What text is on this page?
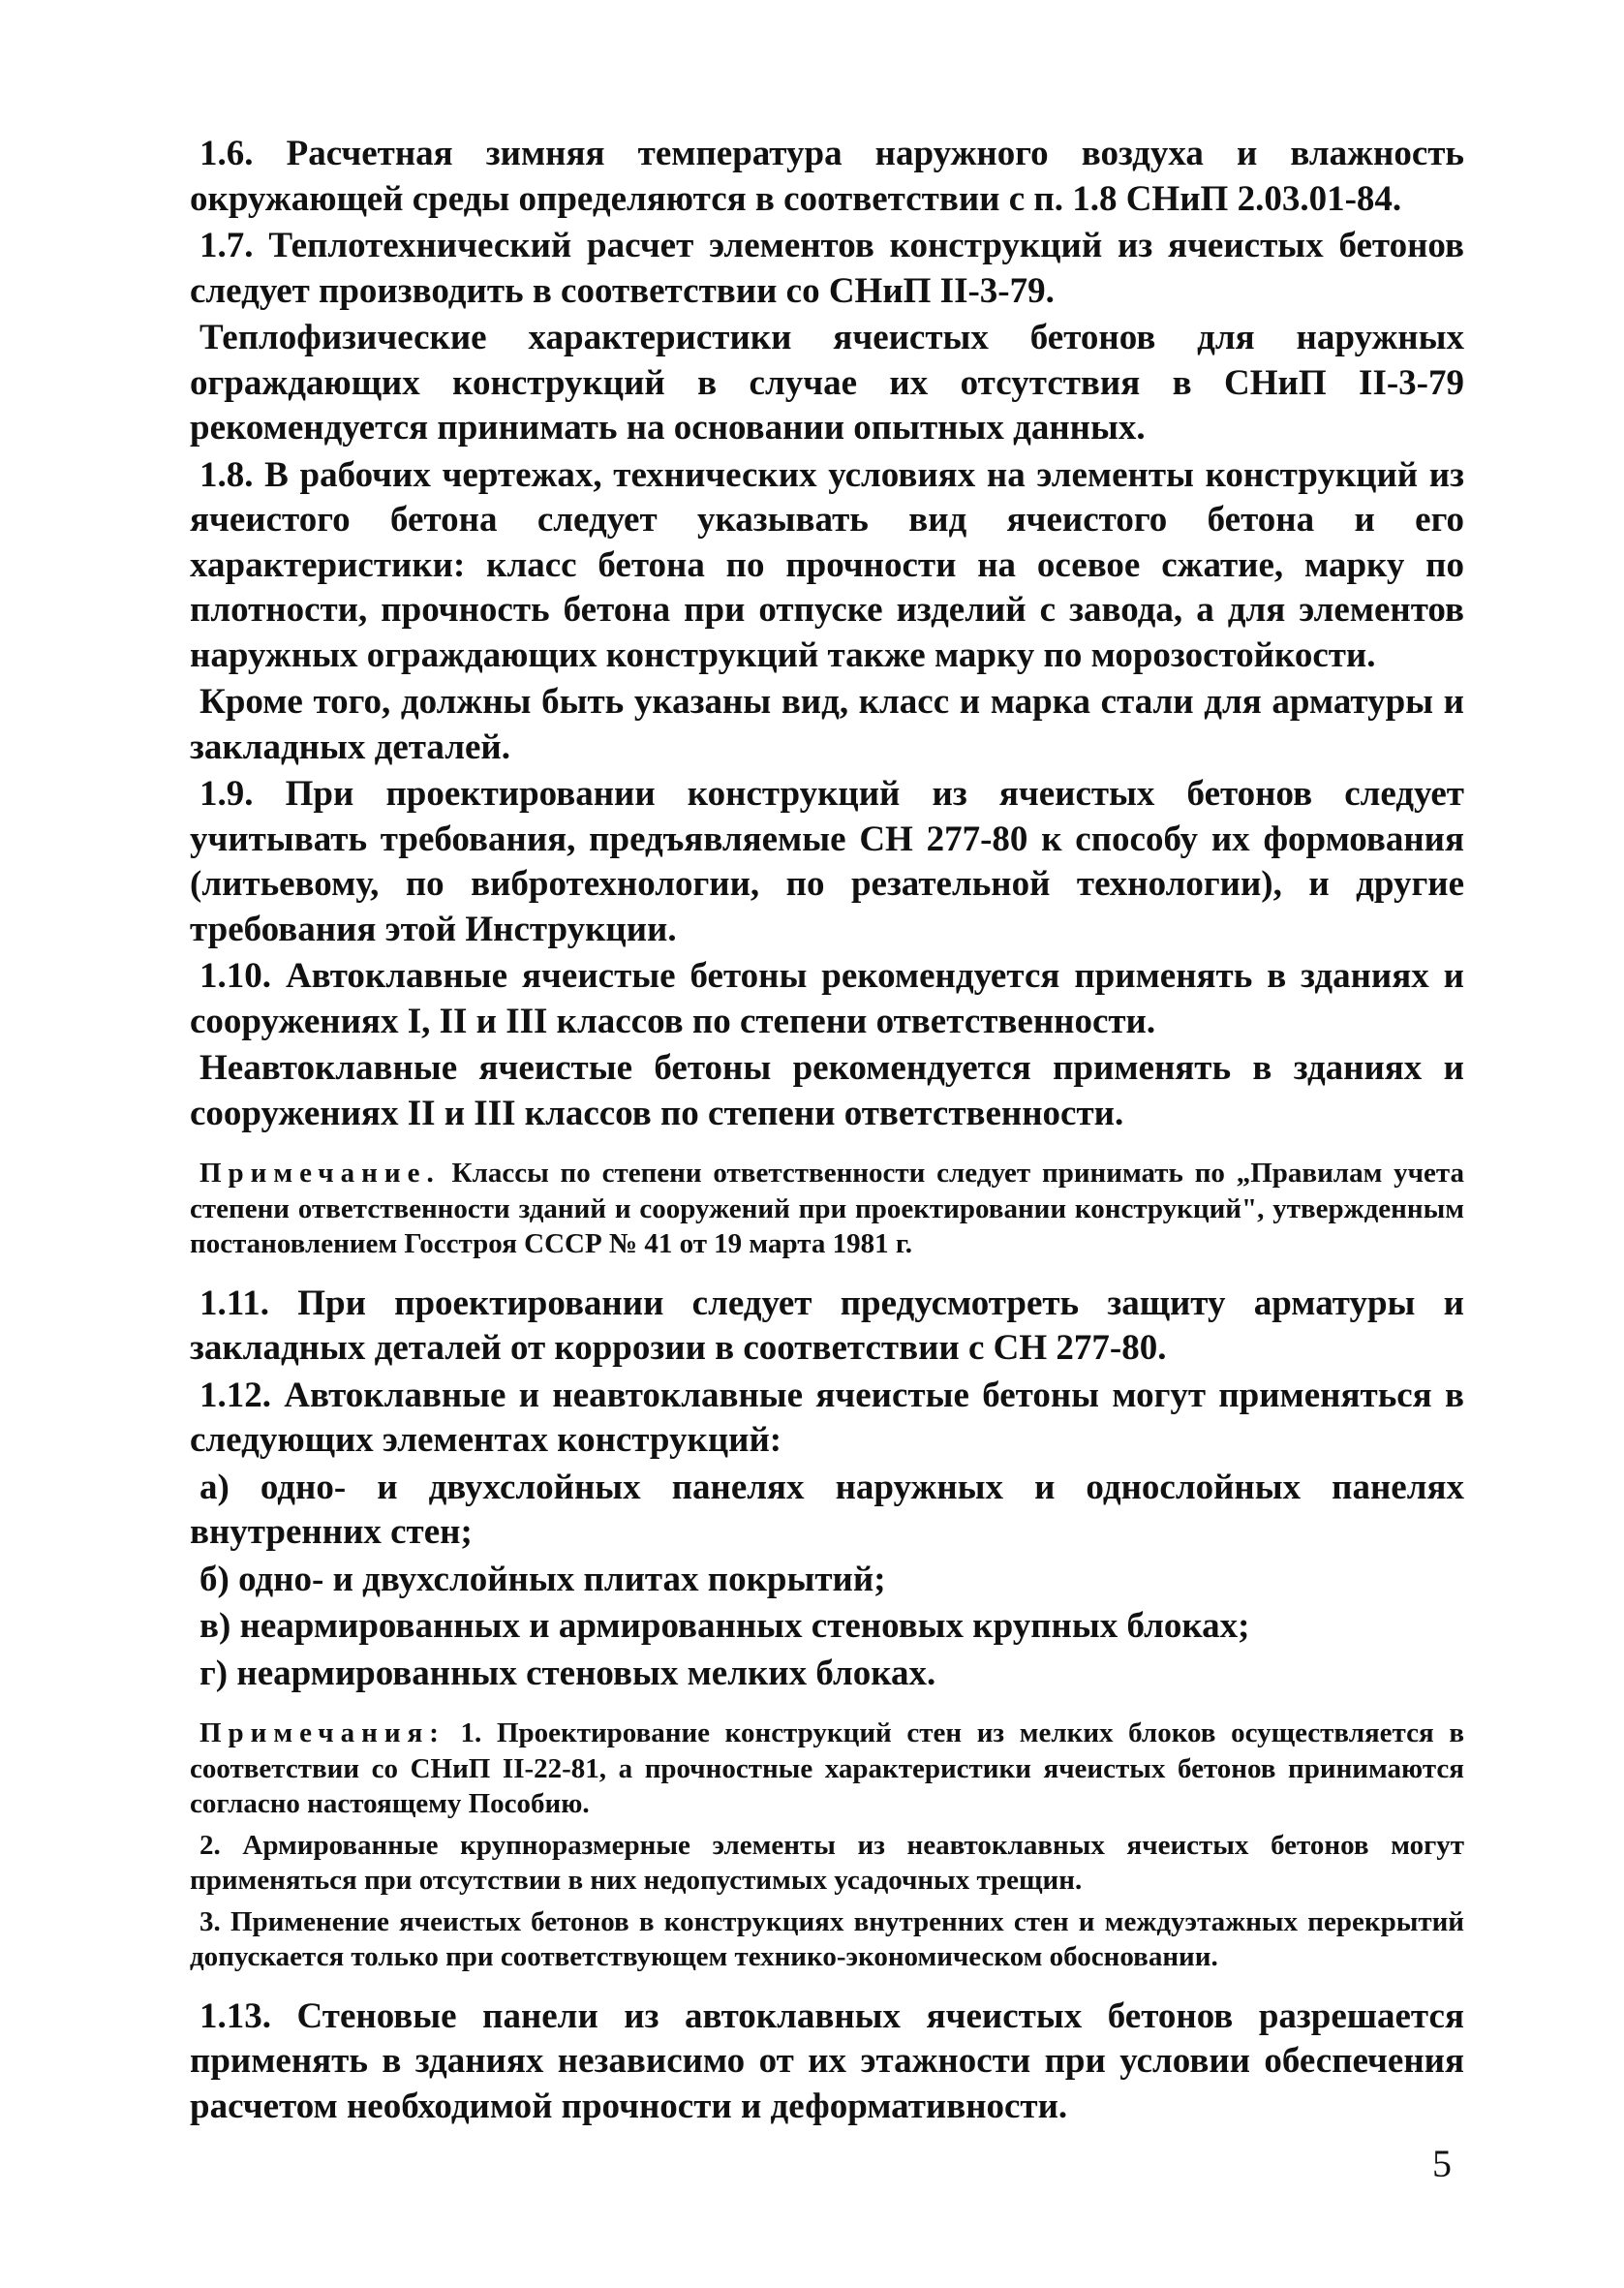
1.6. Расчетная зимняя температура наружного воздуха и влажность окружающей среды определяются в соответствии с п. 1.8 СНиП 2.03.01-84.

1.7. Теплотехнический расчет элементов конструкций из ячеистых бетонов следует производить в соответствии со СНиП II-3-79.

Теплофизические характеристики ячеистых бетонов для наружных ограждающих конструкций в случае их отсутствия в СНиП II-3-79 рекомендуется принимать на основании опытных данных.

1.8. В рабочих чертежах, технических условиях на элементы конструкций из ячеистого бетона следует указывать вид ячеистого бетона и его характеристики: класс бетона по прочности на осевое сжатие, марку по плотности, прочность бетона при отпуске изделий с завода, а для элементов наружных ограждающих конструкций также марку по морозостойкости.

Кроме того, должны быть указаны вид, класс и марка стали для арматуры и закладных деталей.

1.9. При проектировании конструкций из ячеистых бетонов следует учитывать требования, предъявляемые СН 277-80 к способу их формования (литьевому, по вибротехнологии, по резательной технологии), и другие требования этой Инструкции.

1.10. Автоклавные ячеистые бетоны рекомендуется применять в зданиях и сооружениях I, II и III классов по степени ответственности.

Неавтоклавные ячеистые бетоны рекомендуется применять в зданиях и сооружениях II и III классов по степени ответственности.

Примечание. Классы по степени ответственности следует принимать по „Правилам учета степени ответственности зданий и сооружений при проектировании конструкций", утвержденным постановлением Госстроя СССР № 41 от 19 марта 1981 г.

1.11. При проектировании следует предусмотреть защиту арматуры и закладных деталей от коррозии в соответствии с СН 277-80.

1.12. Автоклавные и неавтоклавные ячеистые бетоны могут применяться в следующих элементах конструкций:

а) одно- и двухслойных панелях наружных и однослойных панелях внутренних стен;

б) одно- и двухслойных плитах покрытий;

в) неармированных и армированных стеновых крупных блоках;

г) неармированных стеновых мелких блоках.

Примечания: 1. Проектирование конструкций стен из мелких блоков осуществляется в соответствии со СНиП II-22-81, а прочностные характеристики ячеистых бетонов принимаются согласно настоящему Пособию.

2. Армированные крупноразмерные элементы из неавтоклавных ячеистых бетонов могут применяться при отсутствии в них недопустимых усадочных трещин.

3. Применение ячеистых бетонов в конструкциях внутренних стен и междуэтажных перекрытий допускается только при соответствующем технико-экономическом обосновании.

1.13. Стеновые панели из автоклавных ячеистых бетонов разрешается применять в зданиях независимо от их этажности при условии обеспечения расчетом необходимой прочности и деформативности.

5
